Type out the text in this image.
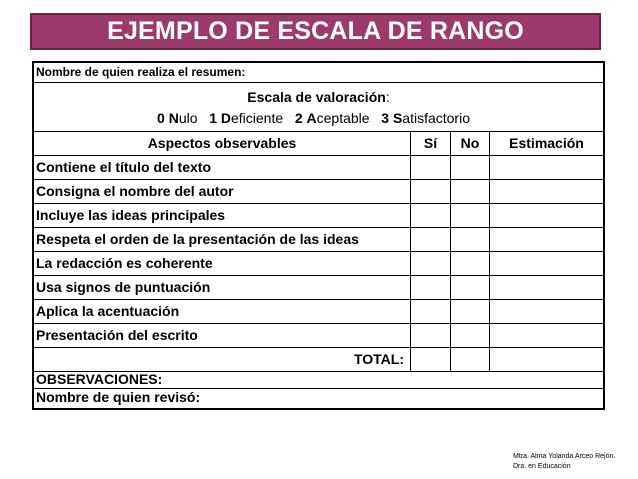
EJEMPLO DE ESCALA DE RANGO
Nombre de quien realiza el resumen:
Escala de valoración:
0 Nulo 1 Deficiente 2 Aceptable 3 Satisfactorio
Aspectos observables	Sí	No	Estimación
Contiene el título del texto
Consigna el nombre del autor
Incluye las ideas principales
Respeta el orden de la presentación de las ideas
La redacción es coherente
Usa signos de puntuación
Aplica la acentuación
Presentación del escrito
TOTAL:
OBSERVACIONES:
Nombre de quien revisó:
Mtra. Alma Yolanda Arceo Rejón.
Dra. en Educación
